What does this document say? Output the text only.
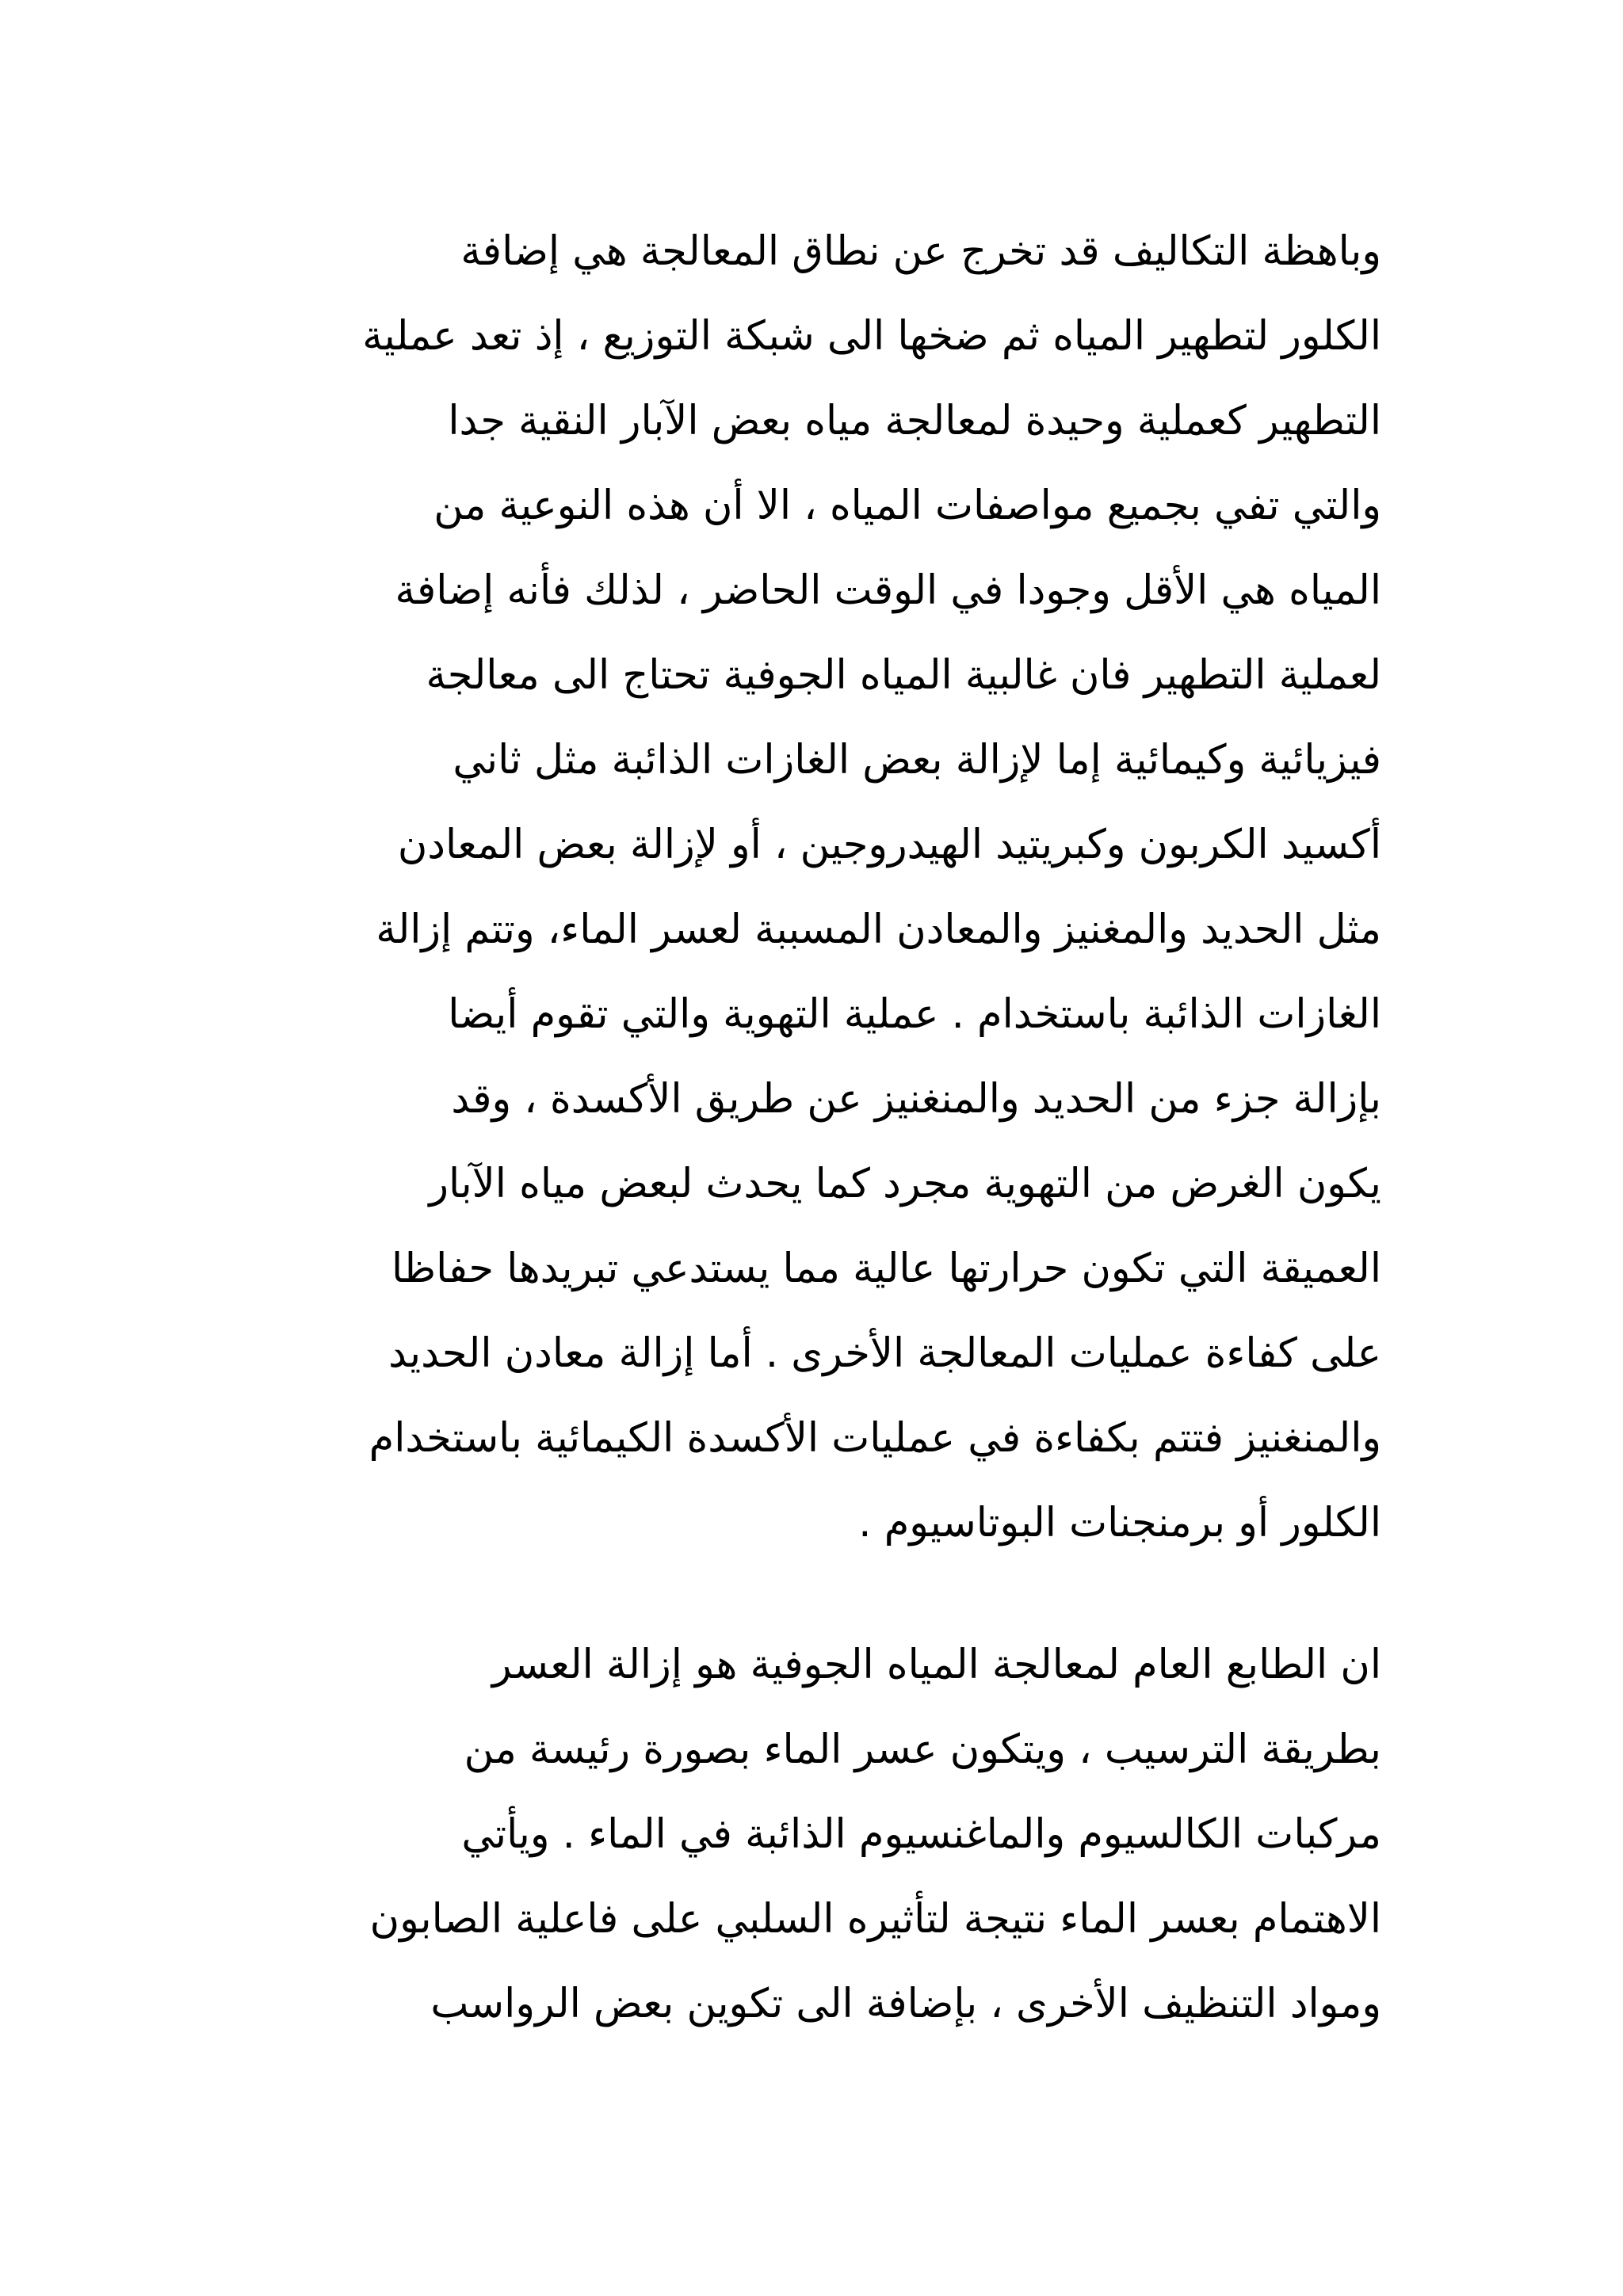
وباهظة التكاليف قد تخرج عن نطاق المعالجة هي إضافة
الكلور لتطهير المياه ثم ضخها الى شبكة التوزيع ، إذ تعد عملية
التطهير كعملية وحيدة لمعالجة مياه بعض الآبار النقية جدا
والتي تفي بجميع مواصفات المياه ، الا أن هذه النوعية من
المياه هي الأقل وجودا في الوقت الحاضر ، لذلك فأنه إضافة
لعملية التطهير فان غالبية المياه الجوفية تحتاج الى معالجة
فيزيائية وكيمائية إما لإزالة بعض الغازات الذائبة مثل ثاني
أكسيد الكربون وكبريتيد الهيدروجين ، أو لإزالة بعض المعادن
مثل الحديد والمغنيز والمعادن المسببة لعسر الماء، وتتم إزالة
الغازات الذائبة باستخدام . عملية التهوية والتي تقوم أيضا
بإزالة جزء من الحديد والمنغنيز عن طريق الأكسدة ، وقد
يكون الغرض من التهوية مجرد كما يحدث لبعض مياه الآبار
العميقة التي تكون حرارتها عالية مما يستدعي تبريدها حفاظا
على كفاءة عمليات المعالجة الأخرى . أما إزالة معادن الحديد
والمنغنيز فتتم بكفاءة في عمليات الأكسدة الكيمائية باستخدام
الكلور أو برمنجنات البوتاسيوم .
ان الطابع العام لمعالجة المياه الجوفية هو إزالة العسر
بطريقة الترسيب ، ويتكون عسر الماء بصورة رئيسة من
مركبات الكالسيوم والماغنسيوم الذائبة في الماء . ويأتي
الاهتمام بعسر الماء نتيجة لتأثيره السلبي على فاعلية الصابون
ومواد التنظيف الأخرى ، بإضافة الى تكوين بعض الرواسب
